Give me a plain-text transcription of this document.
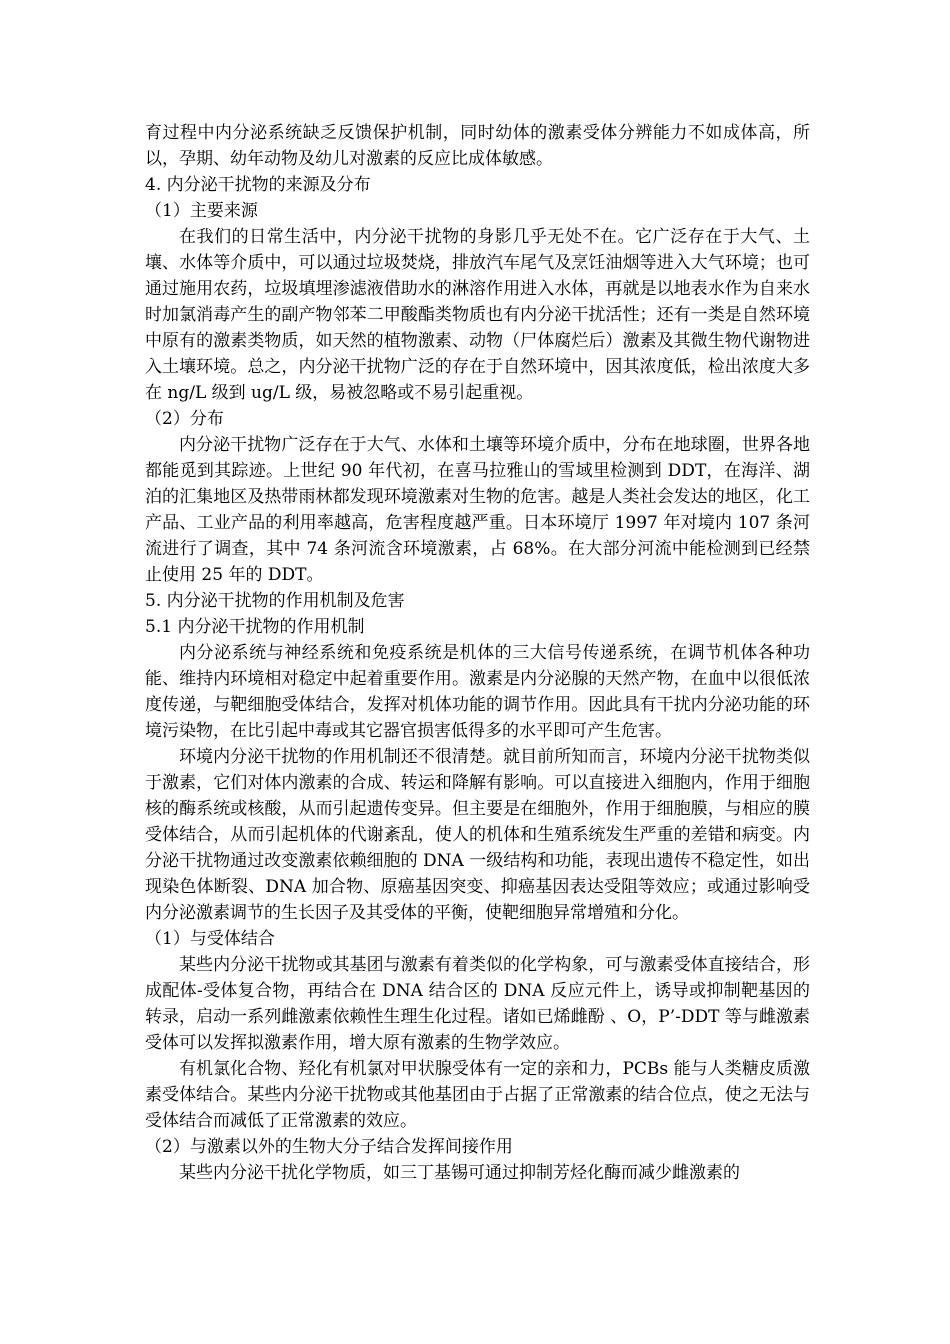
育过程中内分泌系统缺乏反馈保护机制，同时幼体的激素受体分辨能力不如成体高，所以，孕期、幼年动物及幼儿对激素的反应比成体敏感。

4. 内分泌干扰物的来源及分布

（1）主要来源

在我们的日常生活中，内分泌干扰物的身影几乎无处不在。它广泛存在于大气、土壤、水体等介质中，可以通过垃圾焚烧，排放汽车尾气及烹饪油烟等进入大气环境；也可通过施用农药，垃圾填埋渗滤液借助水的淋溶作用进入水体，再就是以地表水作为自来水时加氯消毒产生的副产物邻苯二甲酸酯类物质也有内分泌干扰活性；还有一类是自然环境中原有的激素类物质，如天然的植物激素、动物（尸体腐烂后）激素及其微生物代谢物进入土壤环境。总之，内分泌干扰物广泛的存在于自然环境中，因其浓度低，检出浓度大多在 ng/L 级到 ug/L 级，易被忽略或不易引起重视。

（2）分布

内分泌干扰物广泛存在于大气、水体和土壤等环境介质中，分布在地球圈，世界各地都能觅到其踪迹。上世纪 90 年代初，在喜马拉雅山的雪域里检测到 DDT，在海洋、湖泊的汇集地区及热带雨林都发现环境激素对生物的危害。越是人类社会发达的地区，化工产品、工业产品的利用率越高，危害程度越严重。日本环境厅 1997 年对境内 107 条河流进行了调查，其中 74 条河流含环境激素，占 68%。在大部分河流中能检测到已经禁止使用 25 年的 DDT。

5. 内分泌干扰物的作用机制及危害

5.1 内分泌干扰物的作用机制

内分泌系统与神经系统和免疫系统是机体的三大信号传递系统，在调节机体各种功能、维持内环境相对稳定中起着重要作用。激素是内分泌腺的天然产物，在血中以很低浓度传递，与靶细胞受体结合，发挥对机体功能的调节作用。因此具有干扰内分泌功能的环境污染物，在比引起中毒或其它器官损害低得多的水平即可产生危害。

环境内分泌干扰物的作用机制还不很清楚。就目前所知而言，环境内分泌干扰物类似于激素，它们对体内激素的合成、转运和降解有影响。可以直接进入细胞内，作用于细胞核的酶系统或核酸，从而引起遗传变异。但主要是在细胞外，作用于细胞膜，与相应的膜受体结合，从而引起机体的代谢紊乱，使人的机体和生殖系统发生严重的差错和病变。内分泌干扰物通过改变激素依赖细胞的 DNA 一级结构和功能，表现出遗传不稳定性，如出现染色体断裂、DNA 加合物、原癌基因突变、抑癌基因表达受阻等效应；或通过影响受内分泌激素调节的生长因子及其受体的平衡，使靶细胞异常增殖和分化。

（1）与受体结合

某些内分泌干扰物或其基团与激素有着类似的化学构象，可与激素受体直接结合，形成配体-受体复合物，再结合在 DNA 结合区的 DNA 反应元件上，诱导或抑制靶基因的转录，启动一系列雌激素依赖性生理生化过程。诸如已烯雌酚 、O，P’-DDT 等与雌激素受体可以发挥拟激素作用，增大原有激素的生物学效应。

有机氯化合物、羟化有机氯对甲状腺受体有一定的亲和力，PCBs 能与人类糖皮质激素受体结合。某些内分泌干扰物或其他基团由于占据了正常激素的结合位点，使之无法与受体结合而减低了正常激素的效应。

（2）与激素以外的生物大分子结合发挥间接作用

某些内分泌干扰化学物质，如三丁基锡可通过抑制芳烃化酶而减少雌激素的
